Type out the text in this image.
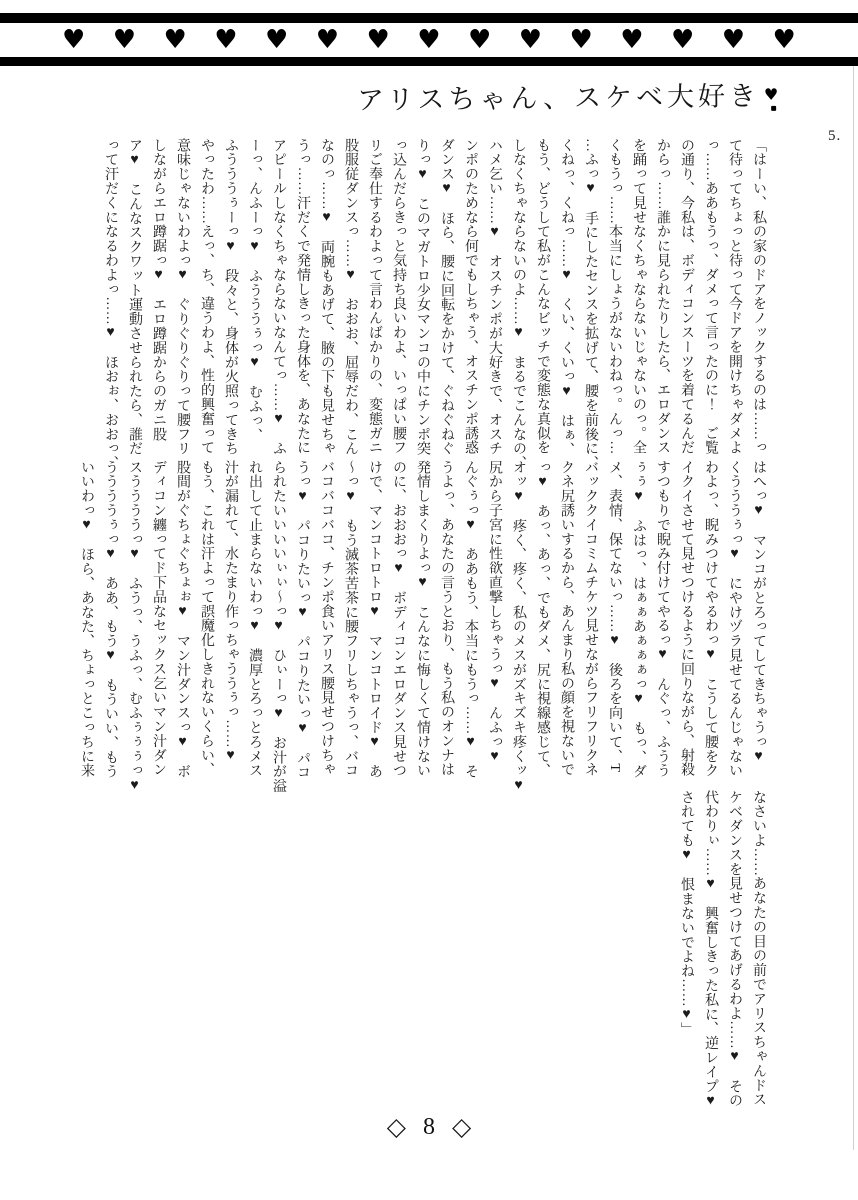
♥ ♥ ♥ ♥ ♥ ♥ ♥ ♥ ♥ ♥ ♥ ♥ ♥ ♥ ♥
アリスちゃん、スケベ大好き ♥
5.
「はーい、私の家のドアをノックするのは……っ
て待ってちょっと待って今ドアを開けちゃダメよ
っ……ああもうっ、ダメって言ったのに！　ご覧
の通り、今私は、ボディコンスーツを着てるんだ
からっ……誰かに見られたりしたら、エロダンス
を踊って見せなくちゃならないじゃないのっ。全
くもうっ……本当にしょうがないわねっ。んっ…
…ふっ♥　手にしたセンスを拡げて、腰を前後に、
くねっ、くねっ……♥　くい、くいっ♥　はぁ、
もう、どうして私がこんなビッチで変態な真似を
しなくちゃならないのよ……♥　まるでこんなの、
ハメ乞い……♥　オスチンポが大好きで、オスチ
ンポのためなら何でもしちゃう、オスチンポ誘惑
ダンス♥　ほら、腰に回転をかけて、ぐねぐねぐ
りっ♥　このマガトロ少女マンコの中にチンポ突
っ込んだらきっと気持ち良いわよ、いっぱい腰フ
リご奉仕するわよって言わんばかりの、変態ガニ
股服従ダンスっ……♥　おおお、屈辱だわ、こん
なのっ……♥　両腕もあげて、腋の下も見せちゃ
うっ……汗だくで発情しきった身体を、あなたに
アピールしなくちゃならないなんてっ……♥　ふ
ーっ、んふーっ♥　ふうううぅっ♥　むふっ、
ふうううぅーっ♥　段々と、身体が火照ってきち
やったわ……えっ、ち、違うわよ、性的興奮って
意味じゃないわよっ♥　ぐりぐりぐりって腰フリ
しながらエロ蹲踞っ♥　エロ蹲踞からのガニ股
ア♥　こんなスクワット運動させられたら、誰だ
って汗だくになるわよっ……♥　ほおぉ、おおっ、
はへっ♥　マンコがとろってしてきちゃうっ♥
くうううぅっ♥　にやけヅラ見せてるんじゃない
わよっ、睨みつけてやるわっ♥　こうして腰をク
イクイさせて見せつけるように回りながら、射殺
すつもりで睨み付けてやるっ♥　んぐっ、ふうう
ぅぅ♥　ふはっ、はぁぁあぁぁぁっ♥　もっ、ダ
メ、表情、保てないっ……♥　後ろを向いて、T
バッククイコミムチケツ見せながらフリフリクネ
クネ尻誘いするから、あんまり私の顔を視ないで
っ♥　あっ、あっ、でもダメ、尻に視線感じて、
オッ♥　疼く、疼く、私のメスがズキズキ疼くッ♥
尻から子宮に性欲直撃しちゃうっ♥　んふっ♥
んぐぅっ♥　ああもう、本当にもうっ……♥　そ
うよっ、あなたの言うとおり、もう私のオンナは
発情しまくりよっ♥　こんなに悔しくて情けない
のに、おおおっ♥　ボディコンエロダンス見せつ
けで、マンコトロトロ♥　マンコトロイド♥　あ
〜っ♥　もう滅茶苦茶に腰フリしちゃうっ、バコ
バコバコバコ、チンポ食いアリス腰見せつけちゃ
うっ♥　パコりたいっ♥　パコりたいっ♥　パコ
られたいいいいぃぃ〜っ♥　ひぃーっ♥　お汁が溢
れ出して止まらないわっ♥　濃厚とろっとろメス
汁が漏れて、水たまり作っちゃううぅっ……♥
もう、これは汗よって誤魔化しきれないくらい、
股間がぐちょぐちょぉ♥　マン汁ダンスっ♥　ボ
ディコン纏ってド下品なセックス乞いマン汁ダン
スううううっ♥　ふうっ、うふっ、むふぅぅぅっ♥
ううううぅっ♥　ああ、もう♥　もういい、もう
いいわっ♥　ほら、あなた、ちょっとこっちに来
なさいよ……あなたの目の前でアリスちゃんドス
ケベダンスを見せつけてあげるわよ……♥　その
代わりぃ……♥　興奮しきった私に、逆レイプ♥
されても♥　恨まないでよね……♥」
◇ 8 ◇
